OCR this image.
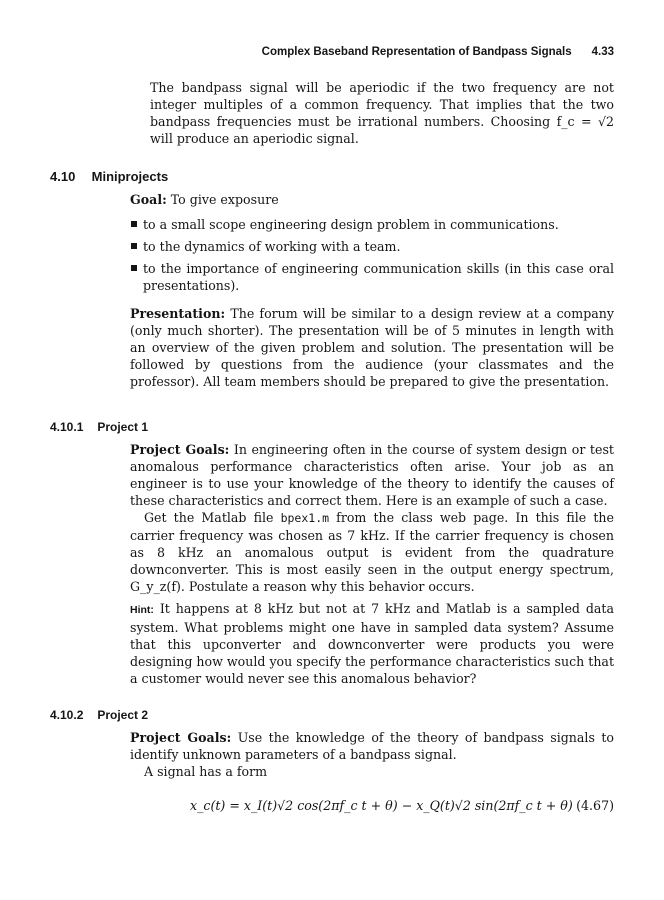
Complex Baseband Representation of Bandpass Signals 4.33

The bandpass signal will be aperiodic if the two frequency are not integer multiples of a common frequency. That implies that the two bandpass frequencies must be irrational numbers. Choosing f_c = √2 will produce an aperiodic signal.

4.10 Miniprojects

Goal: To give exposure

to a small scope engineering design problem in communications.
to the dynamics of working with a team.
to the importance of engineering communication skills (in this case oral presentations).

Presentation: The forum will be similar to a design review at a company (only much shorter). The presentation will be of 5 minutes in length with an overview of the given problem and solution. The presentation will be followed by questions from the audience (your classmates and the professor). All team members should be prepared to give the presentation.

4.10.1 Project 1

Project Goals: In engineering often in the course of system design or test anomalous performance characteristics often arise. Your job as an engineer is to use your knowledge of the theory to identify the causes of these characteristics and correct them. Here is an example of such a case.

Get the Matlab file bpex1.m from the class web page. In this file the carrier frequency was chosen as 7 kHz. If the carrier frequency is chosen as 8 kHz an anomalous output is evident from the quadrature downconverter. This is most easily seen in the output energy spectrum, G_y_z(f). Postulate a reason why this behavior occurs.

Hint: It happens at 8 kHz but not at 7 kHz and Matlab is a sampled data system. What problems might one have in sampled data system? Assume that this upconverter and downconverter were products you were designing how would you specify the performance characteristics such that a customer would never see this anomalous behavior?

4.10.2 Project 2

Project Goals: Use the knowledge of the theory of bandpass signals to identify unknown parameters of a bandpass signal.

A signal has a form

x_c(t) = x_I(t)√2 cos(2πf_c t + θ) − x_Q(t)√2 sin(2πf_c t + θ) (4.67)
